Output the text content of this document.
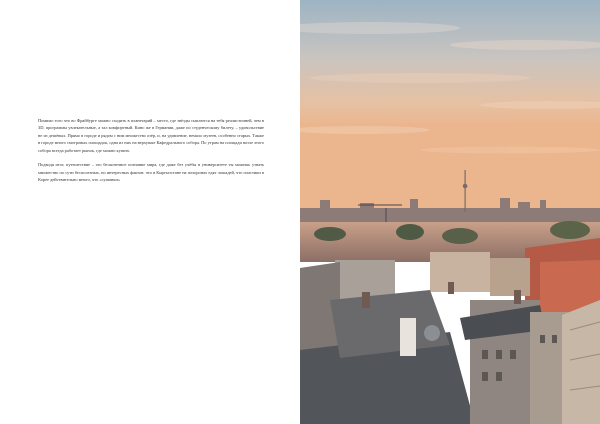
Помимо того что во Фрайбурге можно сходить в планетарий – место, где звёзды сыплются на тебя реалистичней, чем в 3D, программы увлекательные, а зал комфортный. Кино же в Германии, даже по студенческому билету, – удовольствие не из дешёвых. Прямо в городе и рядом с ним множество озёр, и, на удивление, немало музеев, особенно старых. Также в городе много смотровых площадок, одна из них на верхушке Кафедрального собора. По утрам на площади возле этого собора всегда работает рынок, где можно купить

Подводя итог, путешествие – это бесконечное познание мира, где даже без учёбы в университете ты можешь узнать множество по сути бесполезных, но интересных фактов: что в Кыргызстане на похоронах едят лошадей, что пластики в Корее действительно много, что «сушанки»
